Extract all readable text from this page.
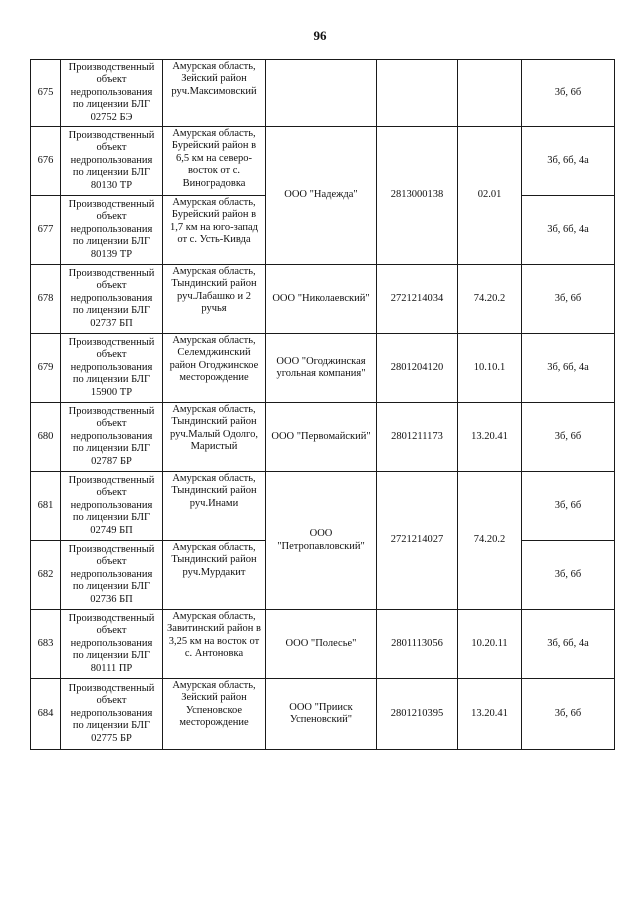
96
675	Производственный объект недропользования по лицензии БЛГ 02752 БЭ	Амурская область, Зейский район руч.Максимовский				3б, 6б
676	Производственный объект недропользования по лицензии БЛГ 80130 ТР	Амурская область, Бурейский район в 6,5 км на северо-восток от с. Виноградовка	ООО "Надежда"	2813000138	02.01	3б, 6б, 4а
677	Производственный объект недропользования по лицензии БЛГ 80139 ТР	Амурская область, Бурейский район в 1,7 км на юго-запад от с. Усть-Кивда				3б, 6б, 4а
678	Производственный объект недропользования по лицензии БЛГ 02737 БП	Амурская область, Тындинский район руч.Лабашко и 2 ручья	ООО "Николаевский"	2721214034	74.20.2	3б, 6б
679	Производственный объект недропользования по лицензии БЛГ 15900 ТР	Амурская область, Селемджинский район Огоджинское месторождение	ООО "Огоджинская угольная компания"	2801204120	10.10.1	3б, 6б, 4а
680	Производственный объект недропользования по лицензии БЛГ 02787 БР	Амурская область, Тындинский район руч.Малый Одолго, Маристый	ООО "Первомайский"	2801211173	13.20.41	3б, 6б
681	Производственный объект недропользования по лицензии БЛГ 02749 БП	Амурская область, Тындинский район руч.Инами	ООО "Петропавловский"	2721214027	74.20.2	3б, 6б
682	Производственный объект недропользования по лицензии БЛГ 02736 БП	Амурская область, Тындинский район руч.Мурдакит				3б, 6б
683	Производственный объект недропользования по лицензии БЛГ 80111 ПР	Амурская область, Завитинский район в 3,25 км на восток от с. Антоновка	ООО "Полесье"	2801113056	10.20.11	3б, 6б, 4а
684	Производственный объект недропользования по лицензии БЛГ 02775 БР	Амурская область, Зейский район Успеновское месторождение	ООО "Прииск Успеновский"	2801210395	13.20.41	3б, 6б
